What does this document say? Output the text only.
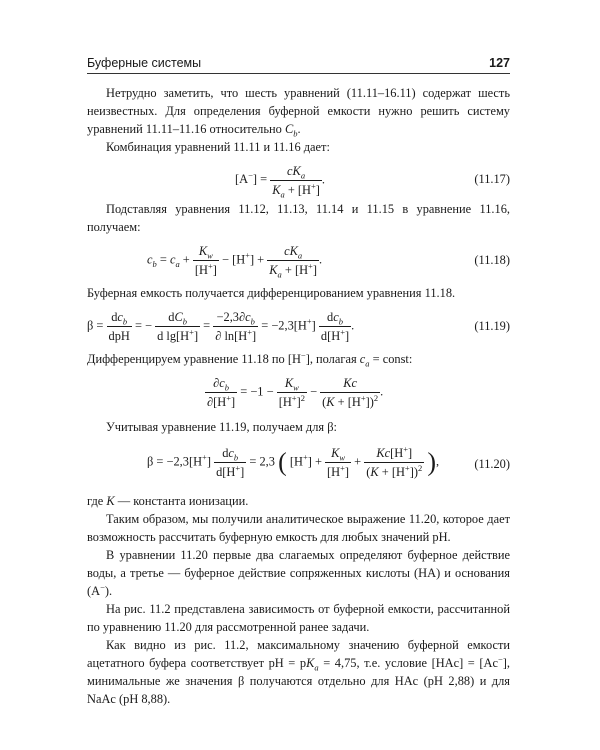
Буферные системы	127

Нетрудно заметить, что шесть уравнений (11.11–16.11) содержат шесть неизвестных. Для определения буферной емкости нужно решить систему уравнений 11.11–11.16 относительно $C_b$.

Комбинация уравнений 11.11 и 11.16 дает:

$[A^-] = \frac{cK_a}{K_a + [H^+]}$ .	(11.17)

Подставляя уравнения 11.12, 11.13, 11.14 и 11.15 в уравнение 11.16, получаем:

$c_b = c_a + \frac{K_w}{[H^+]} - [H^+] + \frac{cK_a}{K_a + [H^+]}$ .	(11.18)

Буферная емкость получается дифференцированием уравнения 11.18.

$\beta = \frac{dc_b}{\text{dpH}}$ = − $\frac{dC_b}{d \lg[H^+]} = \frac{-2,3\partial c_b}{\partial \ln[H^+]} = -2,3[H^+] \frac{dc_b}{d[H^+]}$ .	(11.19)

Дифференцируем уравнение 11.18 по [H−], полагая $c_a$ = const:

$\frac{\partial c_b}{\partial[H^+]} = -1 - \frac{K_w}{[H^+]^2} - \frac{Kc}{(K + [H^+])^2}$ .

Учитывая уравнение 11.19, получаем для β:

$\beta = -2,3[H^+] \frac{dc_b}{d[H^+]} = 2,3$ ( $[H^+] + \frac{K_w}{[H^+]} + \frac{Kc[H^+]}{(K + [H^+])^2}$ ),	(11.20)

где K — константа ионизации.

Таким образом, мы получили аналитическое выражение 11.20, которое дает возможность рассчитать буферную емкость для любых значений pH.

В уравнении 11.20 первые два слагаемых определяют буферное действие воды, а третье — буферное действие сопряженных кислоты (HA) и основания (A−).

На рис. 11.2 представлена зависимость от буферной емкости, рассчитанной по уравнению 11.20 для рассмотренной ранее задачи.

Как видно из рис. 11.2, максимальному значению буферной емкости ацетатного буфера соответствует pH = $pK_a = 4,75$, т.е. условие [HAc] = [Ac−], минимальные же значения β получаются отдельно для HAc (pH 2,88) и для NaAc (pH 8,88).
